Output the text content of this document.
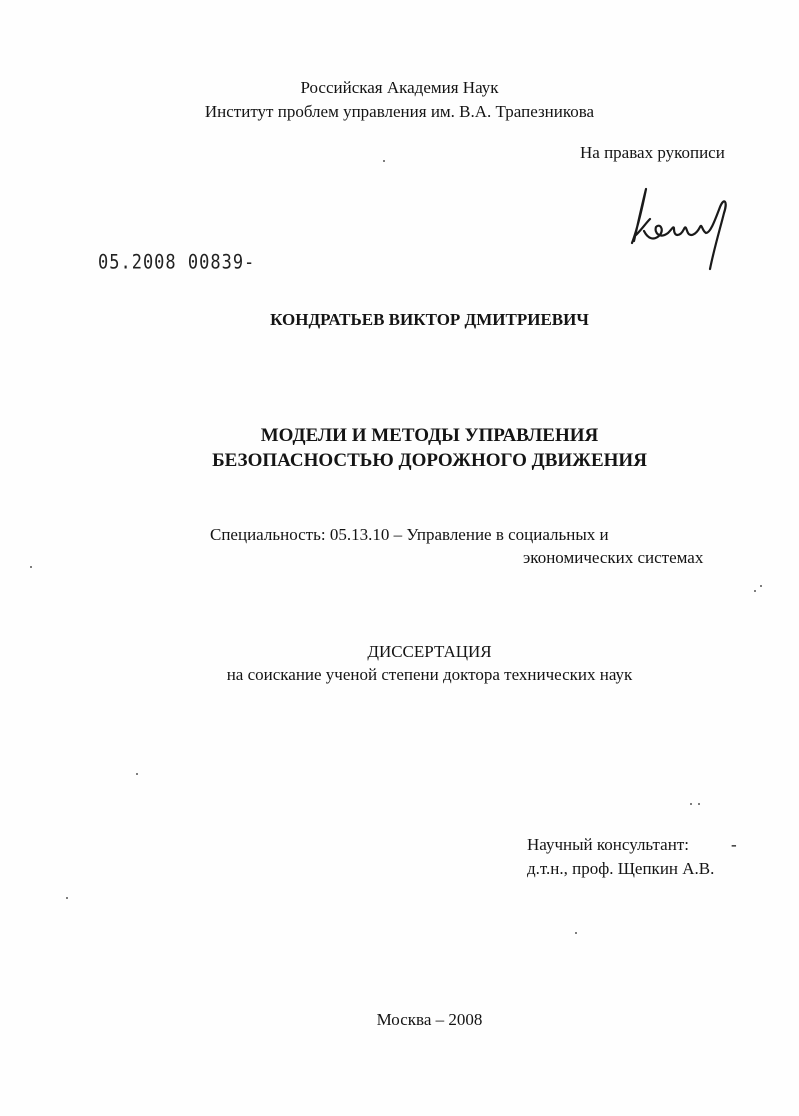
Российская Академия Наук
Институт проблем управления им. В.А. Трапезникова
На правах рукописи
05.2008 00839-
КОНДРАТЬЕВ ВИКТОР ДМИТРИЕВИЧ
МОДЕЛИ И МЕТОДЫ УПРАВЛЕНИЯ
БЕЗОПАСНОСТЬЮ ДОРОЖНОГО ДВИЖЕНИЯ
Специальность: 05.13.10 – Управление в социальных и
экономических системах
ДИССЕРТАЦИЯ
на соискание ученой степени доктора технических наук
Научный консультант: -
д.т.н., проф. Щепкин А.В.
Москва – 2008
